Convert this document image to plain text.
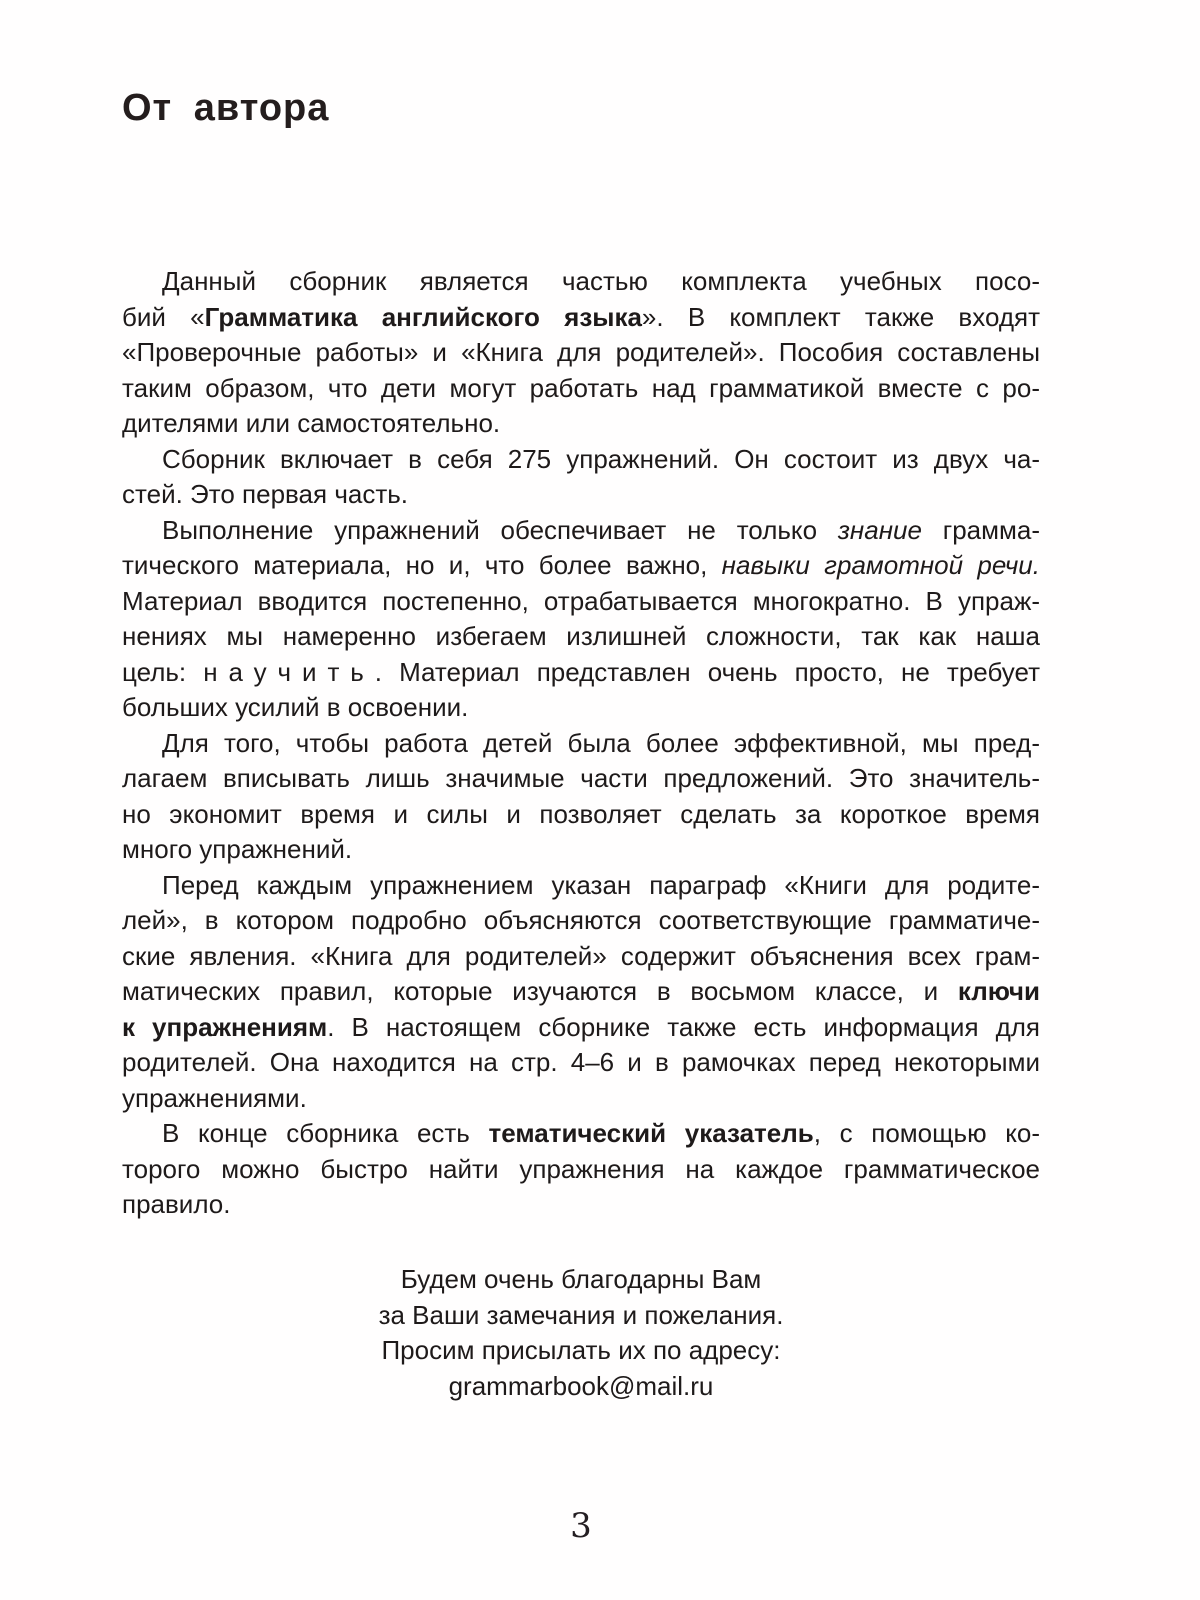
От автора
Данный сборник является частью комплекта учебных посо-
бий «Грамматика английского языка». В комплект также входят
«Проверочные работы» и «Книга для родителей». Пособия составлены
таким образом, что дети могут работать над грамматикой вместе с ро-
дителями или самостоятельно.
Сборник включает в себя 275 упражнений. Он состоит из двух ча-
стей. Это первая часть.
Выполнение упражнений обеспечивает не только знание грамма-
тического материала, но и, что более важно, навыки грамотной речи.
Материал вводится постепенно, отрабатывается многократно. В упраж-
нениях мы намеренно избегаем излишней сложности, так как наша
цель: научить. Материал представлен очень просто, не требует
больших усилий в освоении.
Для того, чтобы работа детей была более эффективной, мы пред-
лагаем вписывать лишь значимые части предложений. Это значитель-
но экономит время и силы и позволяет сделать за короткое время
много упражнений.
Перед каждым упражнением указан параграф «Книги для родите-
лей», в котором подробно объясняются соответствующие грамматиче-
ские явления. «Книга для родителей» содержит объяснения всех грам-
матических правил, которые изучаются в восьмом классе, и ключи
к упражнениям. В настоящем сборнике также есть информация для
родителей. Она находится на стр. 4–6 и в рамочках перед некоторыми
упражнениями.
В конце сборника есть тематический указатель, с помощью ко-
торого можно быстро найти упражнения на каждое грамматическое
правило.
Будем очень благодарны Вам
за Ваши замечания и пожелания.
Просим присылать их по адресу:
grammarbook@mail.ru
3
